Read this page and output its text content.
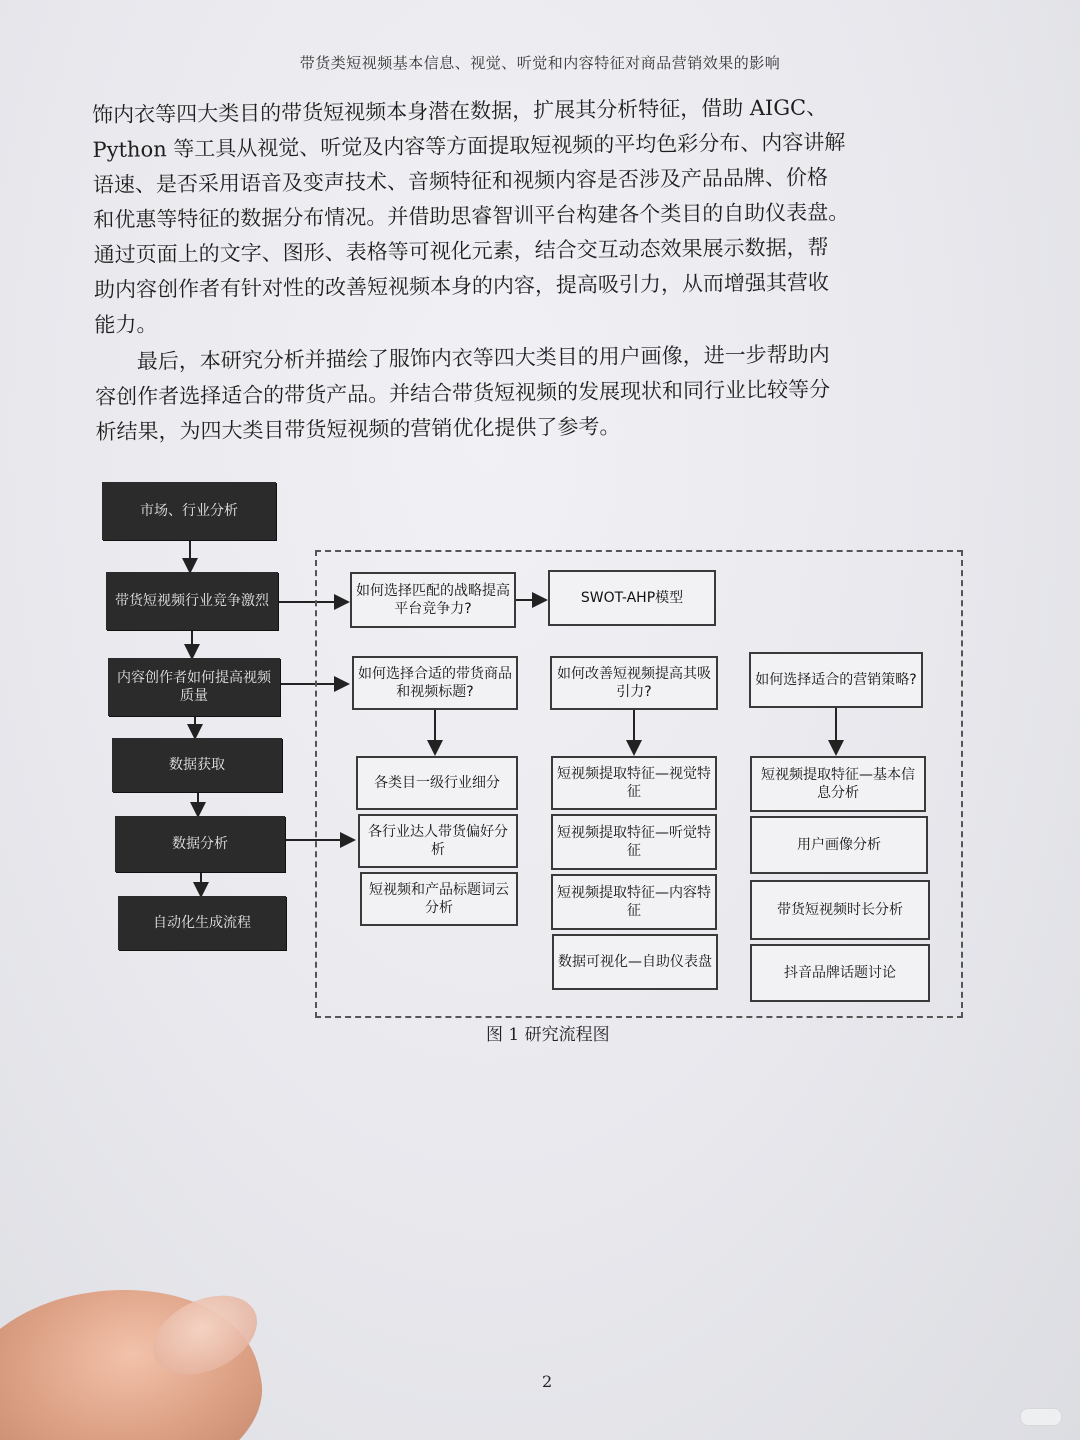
带货类短视频基本信息、视觉、听觉和内容特征对商品营销效果的影响

饰内衣等四大类目的带货短视频本身潜在数据，扩展其分析特征，借助 AIGC、

Python 等工具从视觉、听觉及内容等方面提取短视频的平均色彩分布、内容讲解

语速、是否采用语音及变声技术、音频特征和视频内容是否涉及产品品牌、价格

和优惠等特征的数据分布情况。并借助思睿智训平台构建各个类目的自助仪表盘。

通过页面上的文字、图形、表格等可视化元素，结合交互动态效果展示数据，帮

助内容创作者有针对性的改善短视频本身的内容，提高吸引力，从而增强其营收

能力。

最后，本研究分析并描绘了服饰内衣等四大类目的用户画像，进一步帮助内

容创作者选择适合的带货产品。并结合带货短视频的发展现状和同行业比较等分

析结果，为四大类目带货短视频的营销优化提供了参考。

市场、行业分析
带货短视频行业竞争激烈
内容创作者如何提高视频质量
数据获取
数据分析
自动化生成流程
如何选择匹配的战略提高平台竞争力?
SWOT-AHP模型
如何选择合适的带货商品和视频标题?
如何改善短视频提高其吸引力?
如何选择适合的营销策略?
各类目一级行业细分
各行业达人带货偏好分析
短视频和产品标题词云分析
短视频提取特征—视觉特征
短视频提取特征—听觉特征
短视频提取特征—内容特征
数据可视化—自助仪表盘
短视频提取特征—基本信息分析
用户画像分析
带货短视频时长分析
抖音品牌话题讨论
图 1 研究流程图
2
